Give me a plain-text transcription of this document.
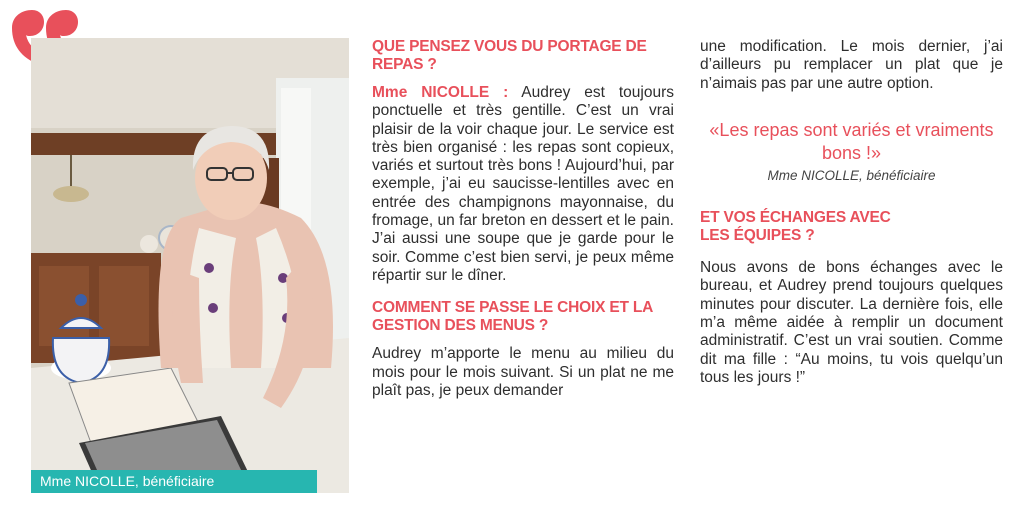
Mme NICOLLE, bénéficiaire
QUE PENSEZ VOUS DU PORTAGE DE REPAS ?
Mme NICOLLE : Audrey est toujours ponctuelle et très gentille. C’est un vrai plaisir de la voir chaque jour. Le service est très bien organisé : les repas sont copieux, variés et surtout très bons ! Aujourd’hui, par exemple, j’ai eu saucisse-lentilles avec en entrée des champignons mayonnaise, du fromage, un far breton en dessert et le pain. J’ai aussi une soupe que je garde pour le soir. Comme c’est bien servi, je peux même répartir sur le dîner.
COMMENT SE PASSE LE CHOIX ET LA GESTION DES MENUS ?
Audrey m’apporte le menu au milieu du mois pour le mois suivant. Si un plat ne me plaît pas, je peux demander
une modification. Le mois dernier, j’ai d’ailleurs pu remplacer un plat que je n’aimais pas par une autre option.
«Les repas sont variés et vraiments bons !»
Mme NICOLLE, bénéficiaire
ET VOS ÉCHANGES AVEC LES ÉQUIPES ?
Nous avons de bons échanges avec le bureau, et Audrey prend toujours quelques minutes pour discuter. La dernière fois, elle m’a même aidée à remplir un document administratif. C’est un vrai soutien. Comme dit ma fille : “Au moins, tu vois quelqu’un tous les jours !”
